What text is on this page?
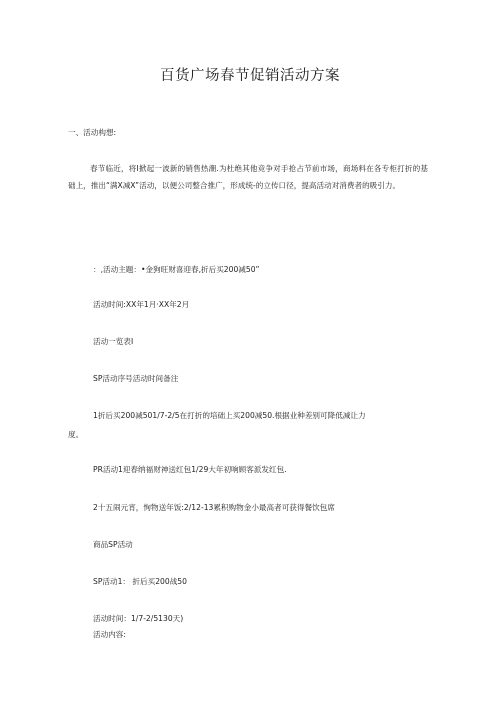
百货广场春节促销活动方案
一、活动构想:
春节临近，将I掀起一波新的销售热潮.为杜绝其他竞争对手抢占节前市场，商场料在各专柜打折的基础上，推出“满X减X”活动，以便公司整合推广，形成统-的立传口径，提高活动对消费者的吸引力。
：,活动主題：•金狗旺财喜迎春,折后买200减50”
活动时间:XX年1月·XX年2月
活动一览表I
SP活动序号活动时间备注
1折后买200减501/7-2/5在打折的培础上买200减50.根据业种差别可降低减让力
度。
PR活动1迎春纳福财神送红包1/29大年初响顾客派发红包.
2十五闹元宵，恂物送年饭:2/12-13累积购物金小最高者可获得餐饮包席
商品SP活动
SP活动1： 折后买200战50
活动时间：1/7-2/5130天)
活动内容:
